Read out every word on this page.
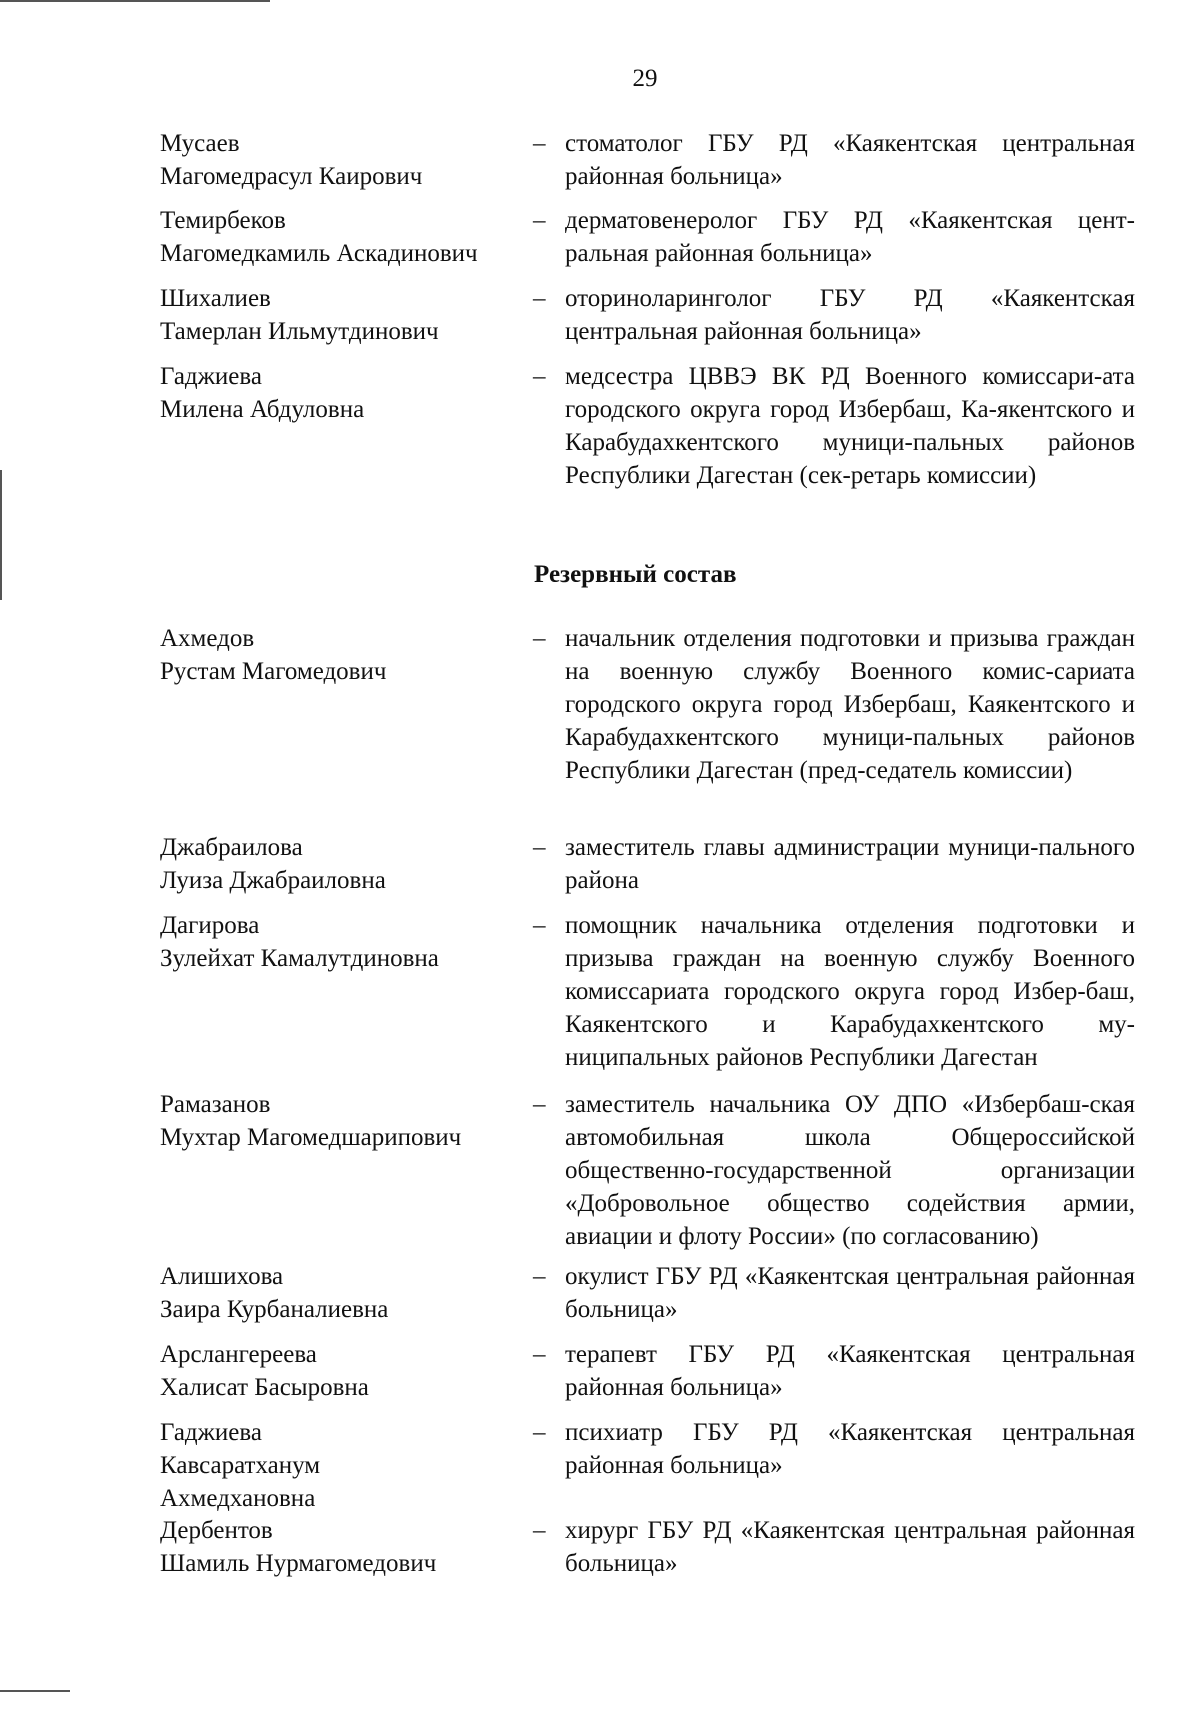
29
Мусаев
Магомедрасул Каирович
– стоматолог ГБУ РД «Каякентская центральная районная больница»
Темирбеков
Магомедкамиль Аскадинович
– дерматовенеролог ГБУ РД «Каякентская цент-ральная районная больница»
Шихалиев
Тамерлан Ильмутдинович
– оториноларинголог ГБУ РД «Каякентская центральная районная больница»
Гаджиева
Милена Абдуловна
– медсестра ЦВВЭ ВК РД Военного комиссари-ата городского округа город Избербаш, Ка-якентского и Карабудахкентского муници-пальных районов Республики Дагестан (сек-ретарь комиссии)
Резервный состав
Ахмедов
Рустам Магомедович
– начальник отделения подготовки и призыва граждан на военную службу Военного комис-сариата городского округа город Избербаш, Каякентского и Карабудахкентского муници-пальных районов Республики Дагестан (пред-седатель комиссии)
Джабраилова
Луиза Джабраиловна
– заместитель главы администрации муници-пального района
Дагирова
Зулейхат Камалутдиновна
– помощник начальника отделения подготовки и призыва граждан на военную службу Военного комиссариата городского округа город Избер-баш, Каякентского и Карабудахкентского му-ниципальных районов Республики Дагестан
Рамазанов
Мухтар Магомедшарипович
– заместитель начальника ОУ ДПО «Избербаш-ская автомобильная школа Общероссийской общественно-государственной организации «Добровольное общество содействия армии, авиации и флоту России» (по согласованию)
Алишихова
Заира Курбаналиевна
– окулист ГБУ РД «Каякентская центральная районная больница»
Арслангереева
Халисат Басыровна
– терапевт ГБУ РД «Каякентская центральная районная больница»
Гаджиева
Кавсаратханум
Ахмедхановна
– психиатр ГБУ РД «Каякентская центральная районная больница»
Дербентов
Шамиль Нурмагомедович
– хирург ГБУ РД «Каякентская центральная районная больница»
